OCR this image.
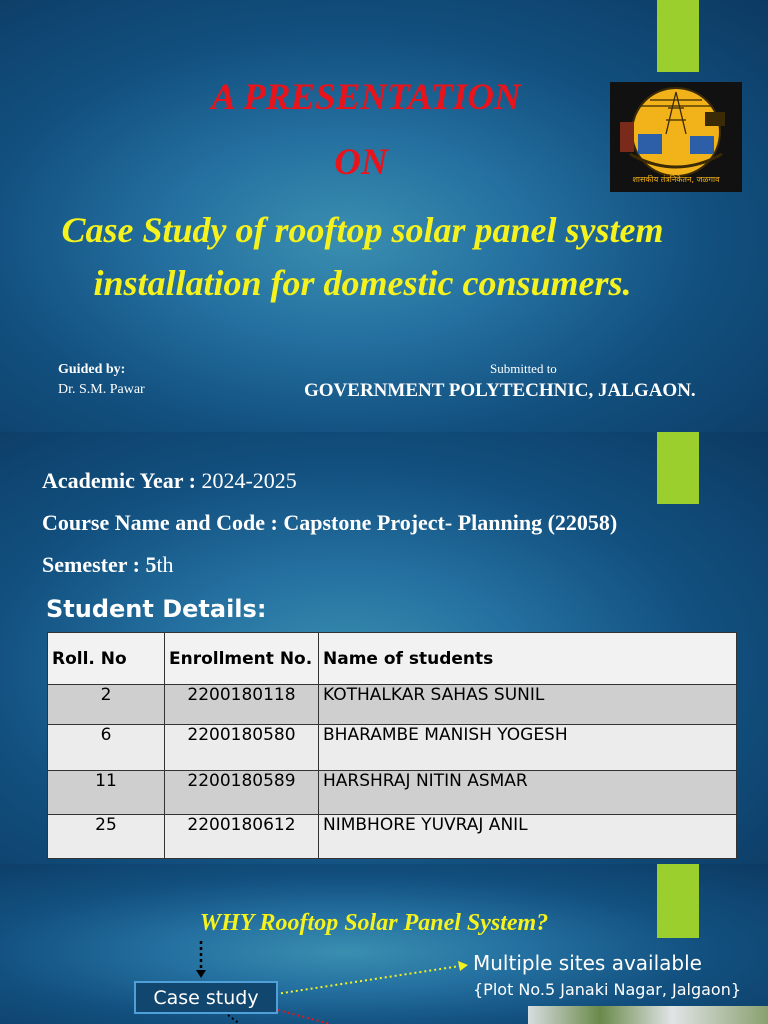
A PRESENTATION
ON
Case Study of rooftop solar panel system installation for domestic consumers.
Guided by:
Dr. S.M. Pawar
Submitted to
GOVERNMENT POLYTECHNIC, JALGAON.
शासकीय तंत्रनिकेतन, जळगाव
Academic Year : 2024-2025
Course Name and Code : Capstone Project- Planning (22058)
Semester : 5th
Student Details:
Roll. No	Enrollment No.	Name of students
2	2200180118	KOTHALKAR SAHAS SUNIL
6	2200180580	BHARAMBE MANISH YOGESH
11	2200180589	HARSHRAJ NITIN ASMAR
25	2200180612	NIMBHORE YUVRAJ ANIL
WHY Rooftop Solar Panel System?
Case study
Multiple sites available
{Plot No.5 Janaki Nagar, Jalgaon}
